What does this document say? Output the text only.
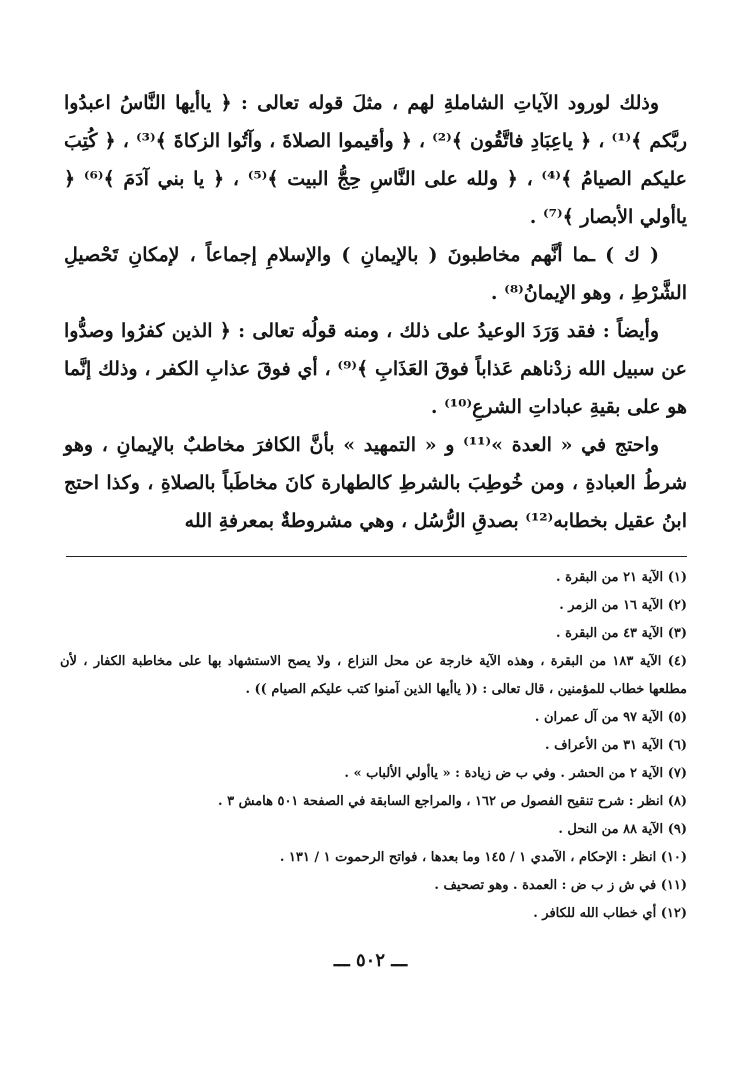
وذلك لورود الآياتِ الشاملةِ لهم ، مثلَ قوله تعالى : ﴿ ياأيها النَّاسُ اعبدُوا ربَّكم ﴾⁽¹⁾ ، ﴿ ياعِبَادِ فاتَّقُون ﴾⁽²⁾ ، ﴿ وأقيموا الصلاةَ ، وآتُوا الزكاةَ ﴾⁽³⁾ ، ﴿ كُتِبَ عليكم الصيامُ ﴾⁽⁴⁾ ، ﴿ ولله على النَّاسِ حِجُّ البيت ﴾⁽⁵⁾ ، ﴿ يا بني آدَمَ ﴾⁽⁶⁾ ﴿ ياأولي الأبصار ﴾⁽⁷⁾ .

( ك ) ـما أنَّهم مخاطبونَ ( بالإيمانِ ) والإسلامِ إجماعاً ، لإمكانِ تَحْصيلِ الشَّرْطِ ، وهو الإيمانُ⁽⁸⁾ .

وأيضاً : فقد وَرَدَ الوعيدُ على ذلك ، ومنه قولُه تعالى : ﴿ الذين كفرُوا وصدُّوا عن سبيل الله زدْناهم عَذاباً فوقَ العَذَابِ ﴾⁽⁹⁾ ، أي فوقَ عذابِ الكفر ، وذلك إنَّما هو على بقيةِ عباداتِ الشرعِ⁽¹⁰⁾ .

واحتج في « العدة »⁽¹¹⁾ و « التمهيد » بأنَّ الكافرَ مخاطبٌ بالإيمانِ ، وهو شرطُ العبادةِ ، ومن خُوطِبَ بالشرطِ كالطهارة كانَ مخاطَباً بالصلاةِ ، وكذا احتج ابنُ عقيل بخطابه⁽¹²⁾ بصدقِ الرُّسُل ، وهي مشروطةٌ بمعرفةِ الله

(١) الآية ٢١ من البقرة .

(٢) الآية ١٦ من الزمر .

(٣) الآية ٤٣ من البقرة .

(٤) الآية ١٨٣ من البقرة ، وهذه الآية خارجة عن محل النزاع ، ولا يصح الاستشهاد بها على مخاطبة الكفار ، لأن مطلعها خطاب للمؤمنين ، قال تعالى : (( ياأيها الذين آمنوا كتب عليكم الصيام )) .

(٥) الآية ٩٧ من آل عمران .

(٦) الآية ٣١ من الأعراف .

(٧) الآية ٢ من الحشر . وفي ب ض زيادة : « ياأولي الألباب » .

(٨) انظر : شرح تنقيح الفصول ص ١٦٢ ، والمراجع السابقة في الصفحة ٥٠١ هامش ٣ .

(٩) الآية ٨٨ من النحل .

(١٠) انظر : الإحكام ، الآمدي ١ / ١٤٥ وما بعدها ، فواتح الرحموت ١ / ١٣١ .

(١١) في ش ز ب ض : العمدة . وهو تصحيف .

(١٢) أي خطاب الله للكافر .

ـــ ٥٠٢ ـــ
